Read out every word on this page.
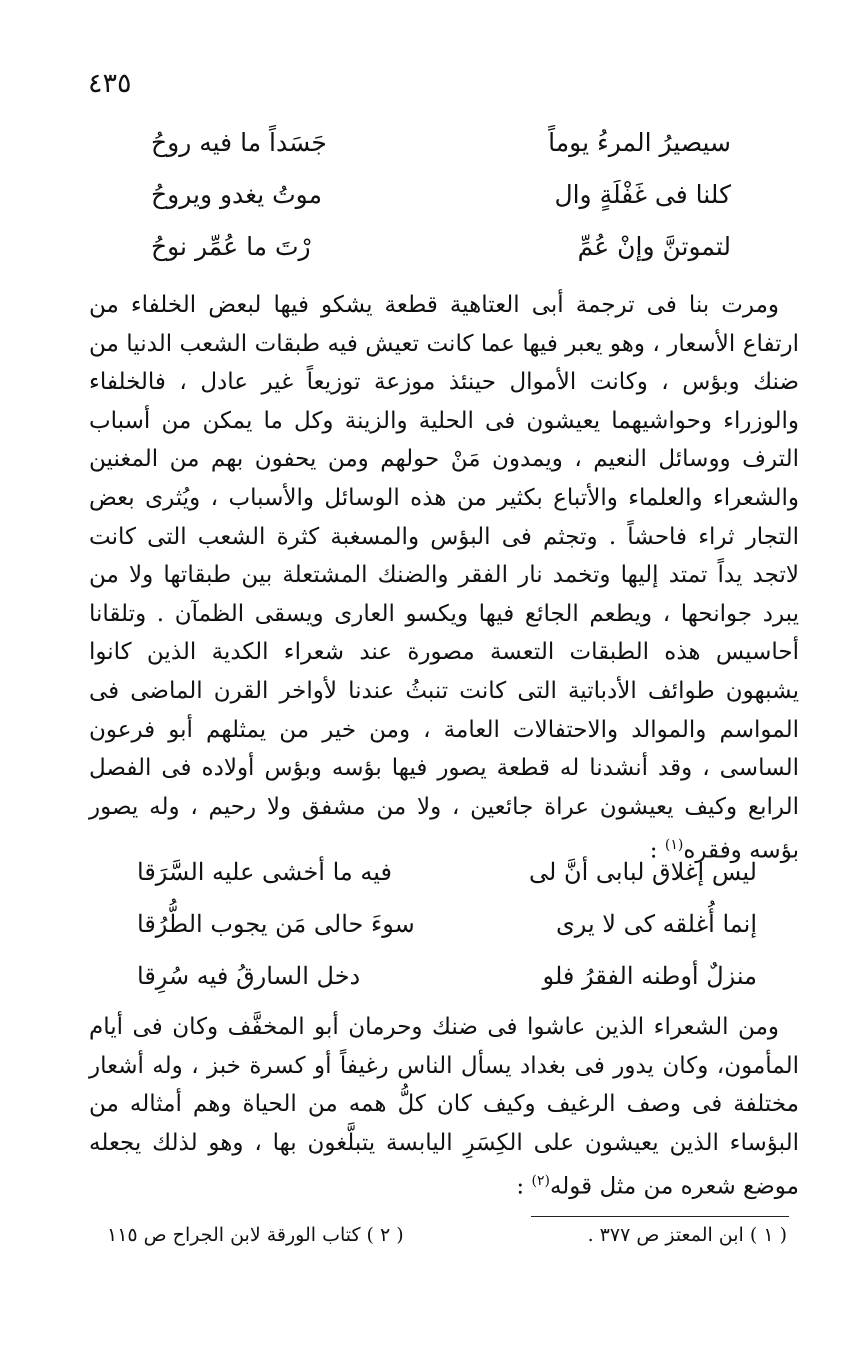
٤٣٥
سيصيرُ المرءُ يوماً
جَسَداً ما فيه روحُ
كلنا فى غَفْلَةٍ وال
موتُ يغدو ويروحُ
لتموتنَّ وإنْ عُمِّ
رْتَ ما عُمِّر نوحُ

ومرت بنا فى ترجمة أبى العتاهية قطعة يشكو فيها لبعض الخلفاء من ارتفاع الأسعار ، وهو يعبر فيها عما كانت تعيش فيه طبقات الشعب الدنيا من ضنك وبؤس ، وكانت الأموال حينئذ موزعة توزيعاً غير عادل ، فالخلفاء والوزراء وحواشيهما يعيشون فى الحلية والزينة وكل ما يمكن من أسباب الترف ووسائل النعيم ، ويمدون مَنْ حولهم ومن يحفون بهم من المغنين والشعراء والعلماء والأتباع بكثير من هذه الوسائل والأسباب ، ويُثرى بعض التجار ثراء فاحشاً . وتجثم فى البؤس والمسغبة كثرة الشعب التى كانت لاتجد يداً تمتد إليها وتخمد نار الفقر والضنك المشتعلة بين طبقاتها ولا من يبرد جوانحها ، ويطعم الجائع فيها ويكسو العارى ويسقى الظمآن . وتلقانا أحاسيس هذه الطبقات التعسة مصورة عند شعراء الكدية الذين كانوا يشبهون طوائف الأدباتية التى كانت تنبثُ عندنا لأواخر القرن الماضى فى المواسم والموالد والاحتفالات العامة ، ومن خير من يمثلهم أبو فرعون الساسى ، وقد أنشدنا له قطعة يصور فيها بؤسه وبؤس أولاده فى الفصل الرابع وكيف يعيشون عراة جائعين ، ولا من مشفق ولا رحيم ، وله يصور بؤسه وفقره$^{(١)}$ :

ليس إغلاق لبابى أنَّ لى
فيه ما أخشى عليه السَّرَقا
إنما أُغلقه كى لا يرى
سوءَ حالى مَن يجوب الطُّرُقا
منزلٌ أوطنه الفقرُ فلو
دخل السارقُ فيه سُرِقا

ومن الشعراء الذين عاشوا فى ضنك وحرمان أبو المخفَّف وكان فى أيام المأمون، وكان يدور فى بغداد يسأل الناس رغيفاً أو كسرة خبز ، وله أشعار مختلفة فى وصف الرغيف وكيف كان كلُّ همه من الحياة وهم أمثاله من البؤساء الذين يعيشون على الكِسَرِ اليابسة يتبلَّغون بها ، وهو لذلك يجعله موضع شعره من مثل قوله$^{(٢)}$ :

( ١ ) ابن المعتز ص ٣٧٧ .
( ٢ ) كتاب الورقة لابن الجراح ص ١١٥
